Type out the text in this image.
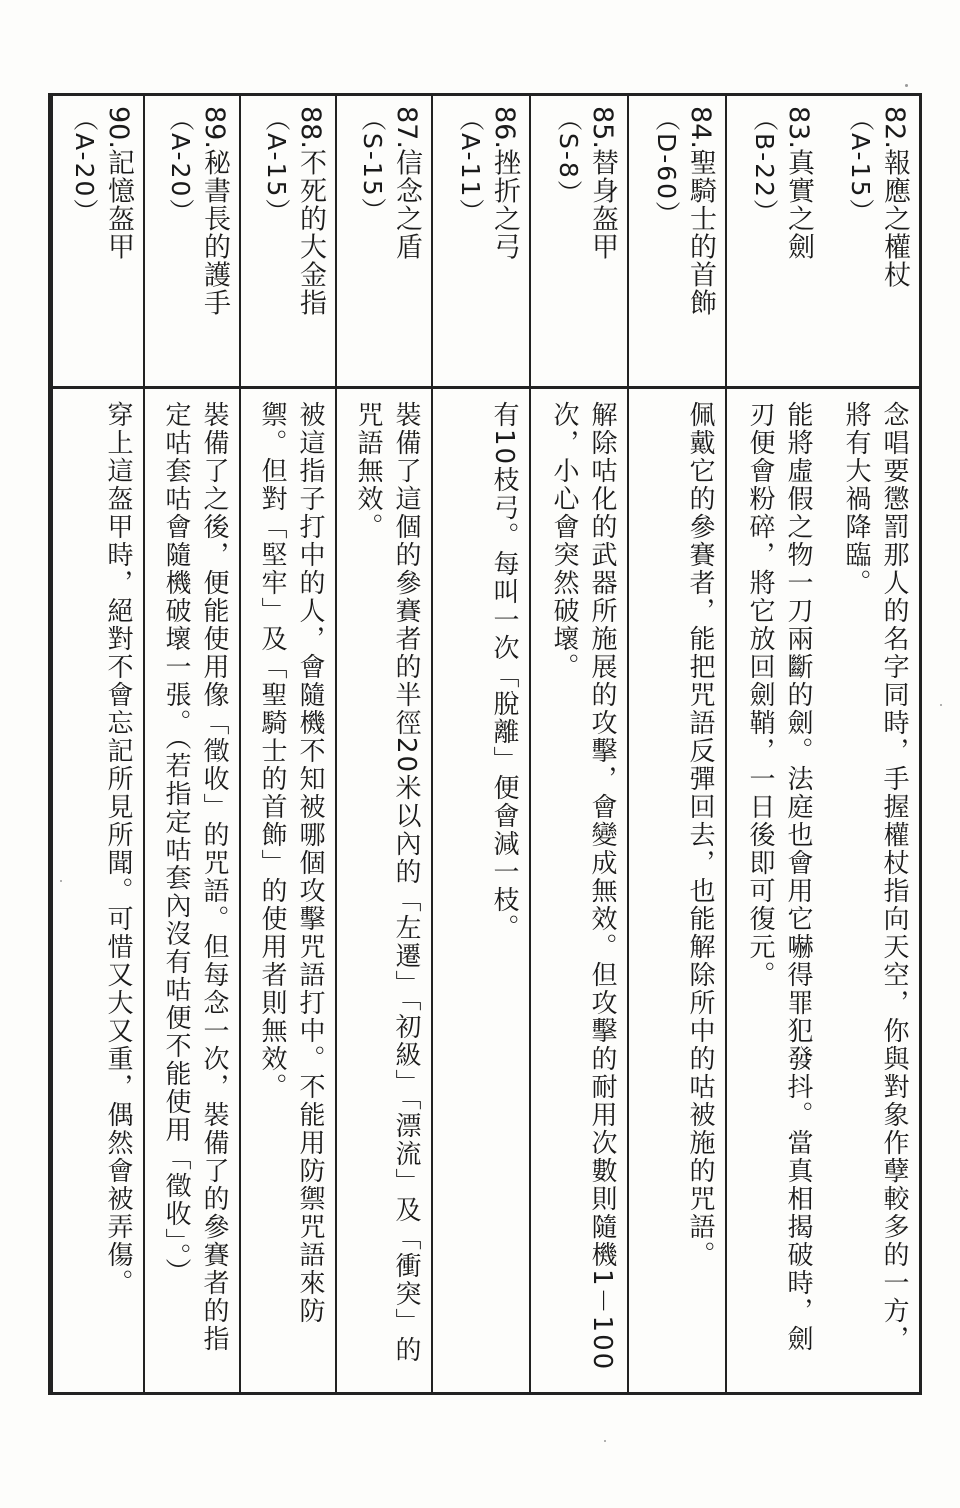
82.報應之權杖
（A-15）
念唱要懲罰那人的名字同時，手握權杖指向天空，你與對象作孽較多的一方，將有大禍降臨。
83.真實之劍
（B-22）
能將虛假之物一刀兩斷的劍。法庭也會用它嚇得罪犯發抖。當真相揭破時，劍刃便會粉碎，將它放回劍鞘，一日後即可復元。
84.聖騎士的首飾
（D-60）
佩戴它的參賽者，能把咒語反彈回去，也能解除所中的咕被施的咒語。
85.替身盔甲
（S-8）
解除咕化的武器所施展的攻擊，會變成無效。但攻擊的耐用次數則隨機1－100次，小心會突然破壞。
86.挫折之弓
（A-11）
有10枝弓。每叫一次「脫離」便會減一枝。
87.信念之盾
（S-15）
裝備了這個的參賽者的半徑20米以內的「左遷」「初級」「漂流」及「衝突」的咒語無效。
88.不死的大金指
（A-15）
被這指子打中的人，會隨機不知被哪個攻擊咒語打中。不能用防禦咒語來防禦。但對「堅牢」及「聖騎士的首飾」的使用者則無效。
89.秘書長的護手
（A-20）
裝備了之後，便能使用像「徵收」的咒語。但每念一次，裝備了的參賽者的指定咕套咕會隨機破壞一張。（若指定咕套內沒有咕便不能使用「徵收」。）
90.記憶盔甲
（A-20）
穿上這盔甲時，絕對不會忘記所見所聞。可惜又大又重，偶然會被弄傷。
